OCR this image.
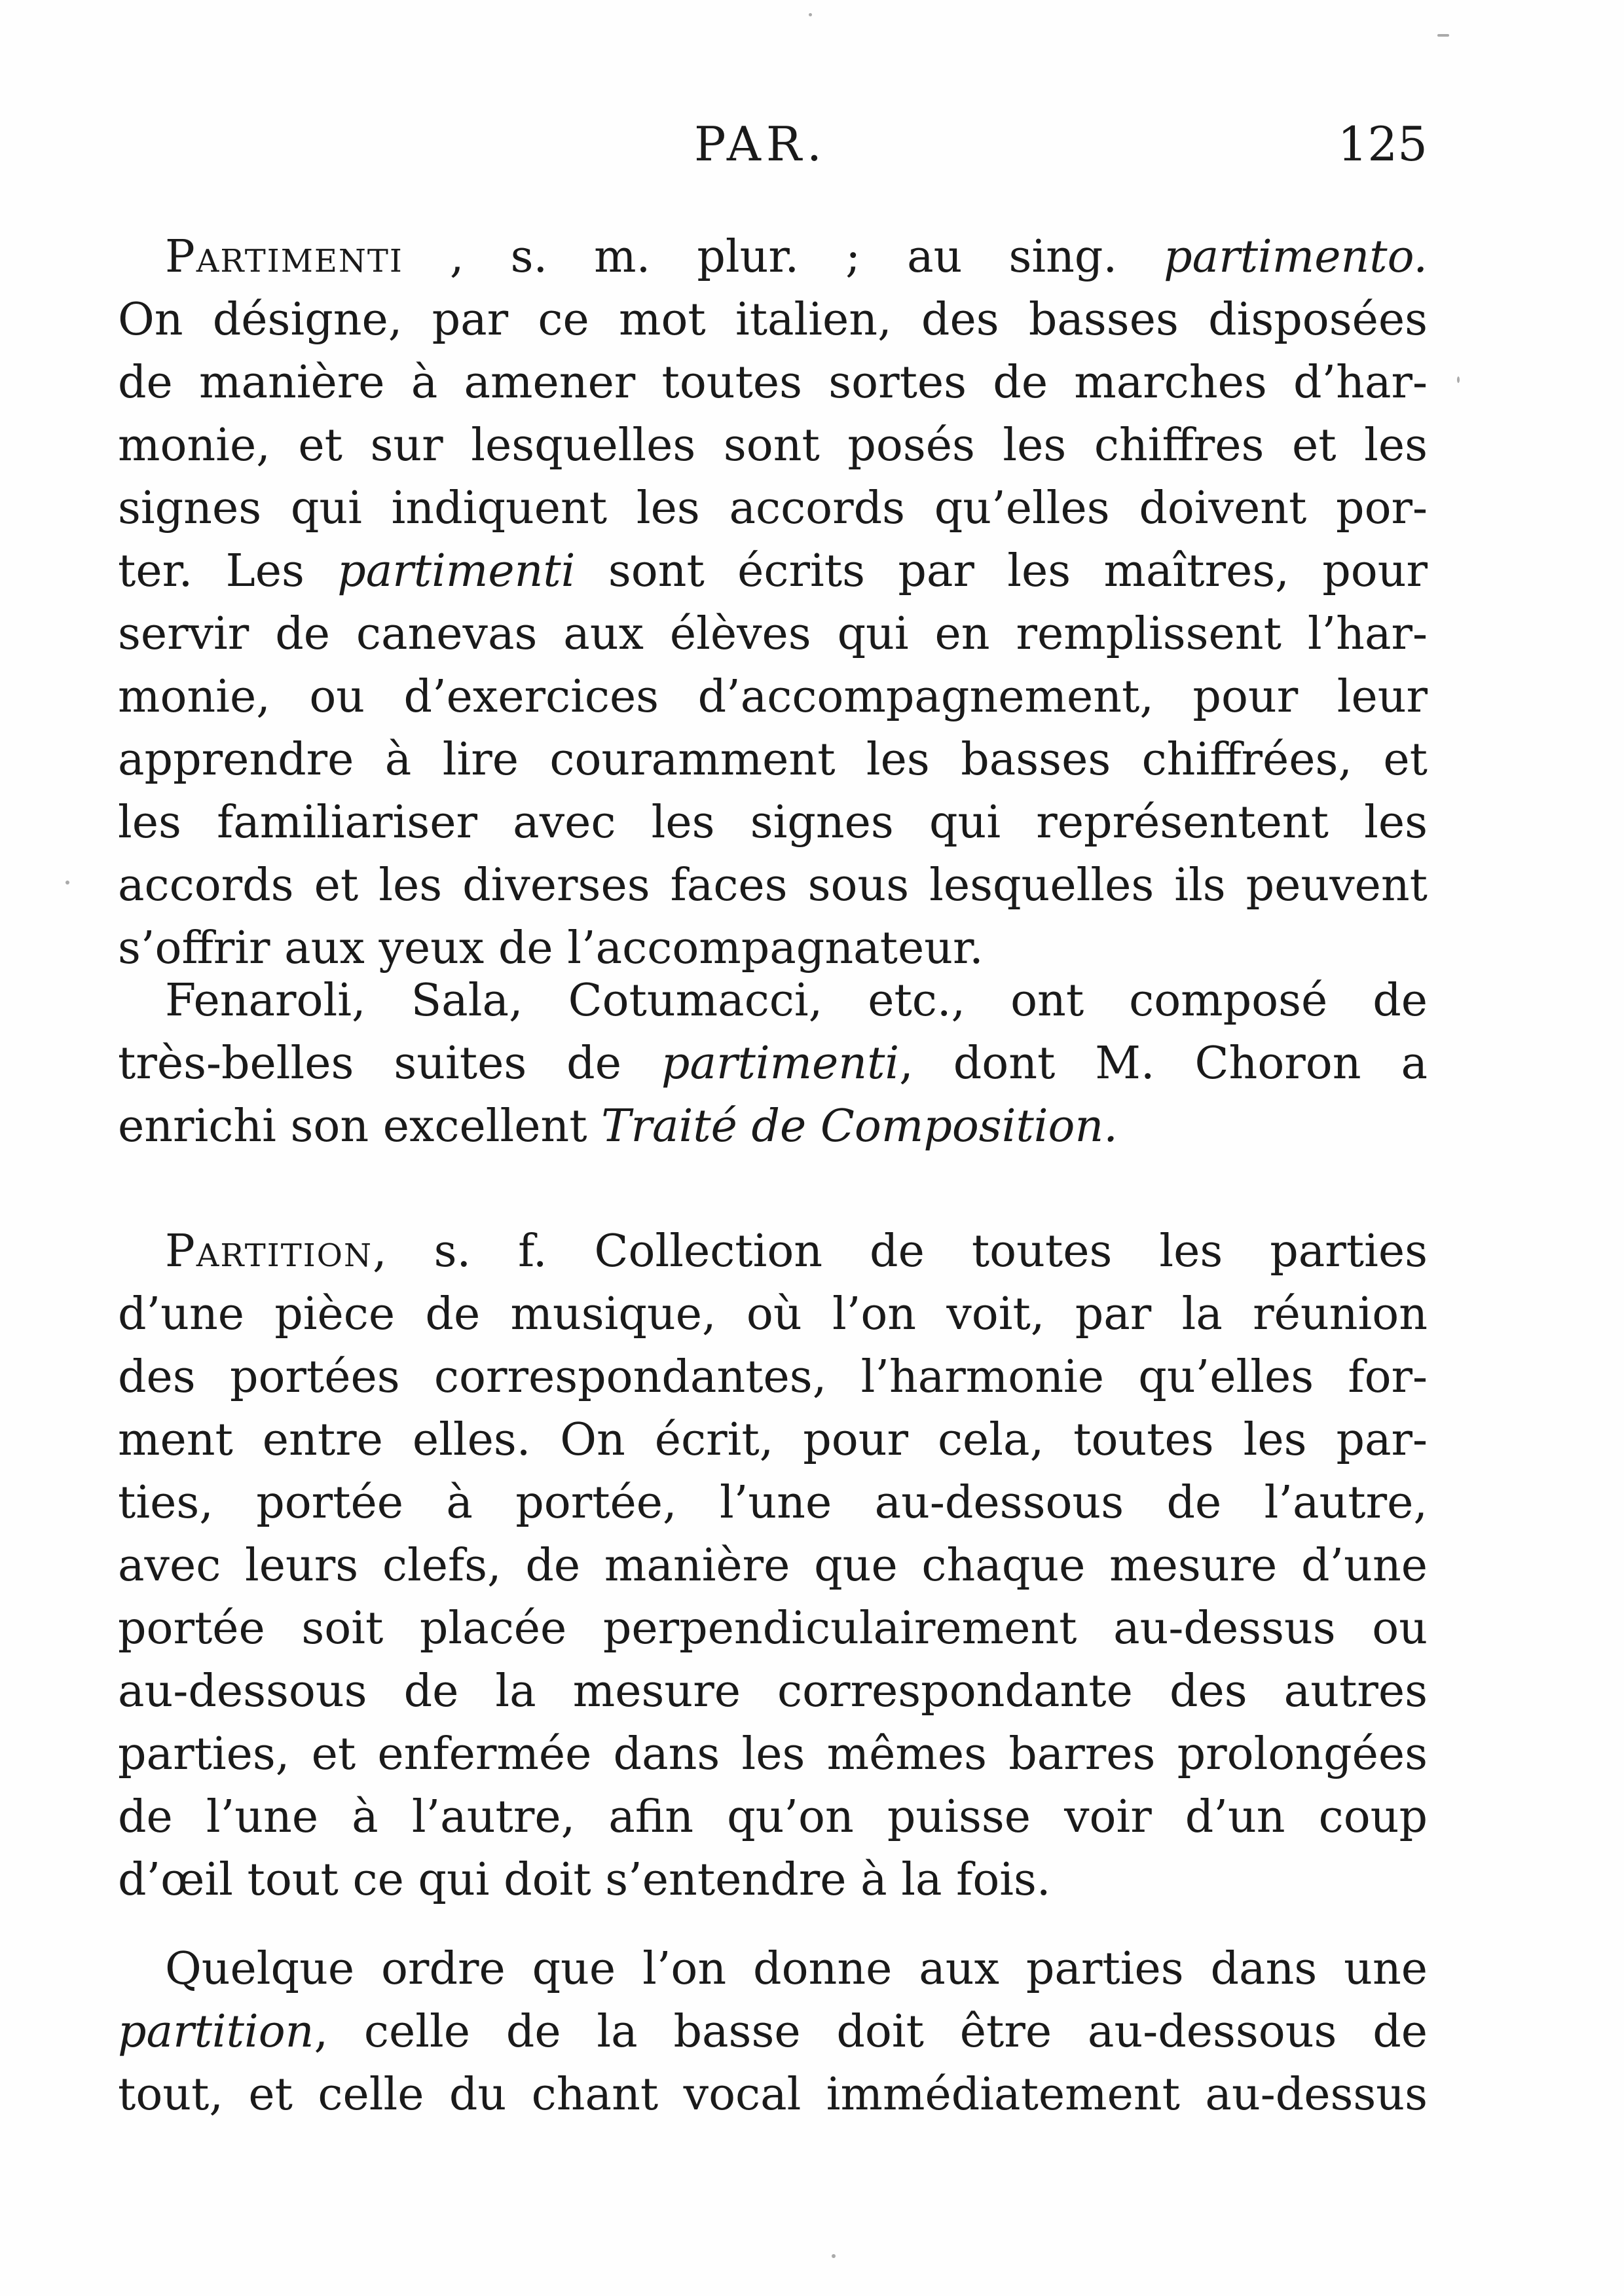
PAR.	125
Partimenti , s. m. plur. ; au sing. partimento.
On désigne, par ce mot italien, des basses disposées
de manière à amener toutes sortes de marches d’har-
monie, et sur lesquelles sont posés les chiffres et les
signes qui indiquent les accords qu’elles doivent por-
ter. Les partimenti sont écrits par les maîtres, pour
servir de canevas aux élèves qui en remplissent l’har-
monie, ou d’exercices d’accompagnement, pour leur
apprendre à lire couramment les basses chiffrées, et
les familiariser avec les signes qui représentent les
accords et les diverses faces sous lesquelles ils peuvent
s’offrir aux yeux de l’accompagnateur.
Fenaroli, Sala, Cotumacci, etc., ont composé de
très-belles suites de partimenti, dont M. Choron a
enrichi son excellent Traité de Composition.
Partition, s. f. Collection de toutes les parties
d’une pièce de musique, où l’on voit, par la réunion
des portées correspondantes, l’harmonie qu’elles for-
ment entre elles. On écrit, pour cela, toutes les par-
ties, portée à portée, l’une au-dessous de l’autre,
avec leurs clefs, de manière que chaque mesure d’une
portée soit placée perpendiculairement au-dessus ou
au-dessous de la mesure correspondante des autres
parties, et enfermée dans les mêmes barres prolongées
de l’une à l’autre, afin qu’on puisse voir d’un coup
d’œil tout ce qui doit s’entendre à la fois.
Quelque ordre que l’on donne aux parties dans une
partition, celle de la basse doit être au-dessous de
tout, et celle du chant vocal immédiatement au-dessus
